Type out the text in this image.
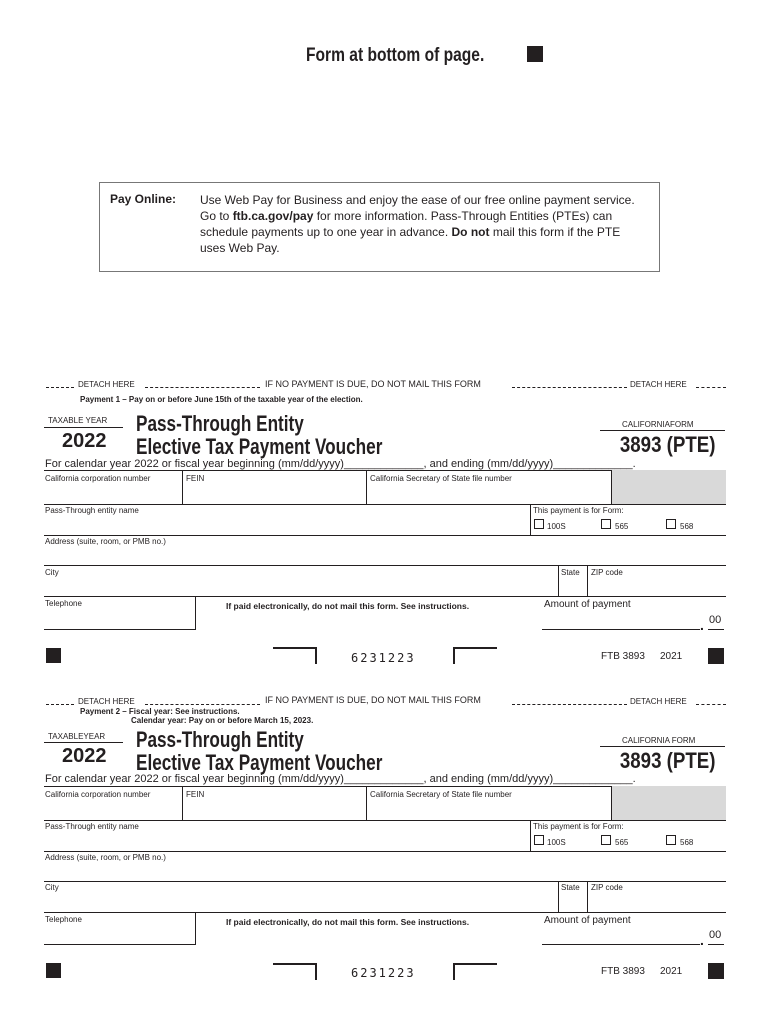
Form at bottom of page.
Pay Online: Use Web Pay for Business and enjoy the ease of our free online payment service.
Go to ftb.ca.gov/pay for more information. Pass-Through Entities (PTEs) can
schedule payments up to one year in advance. Do not mail this form if the PTE
uses Web Pay.
DETACH HERE	IF NO PAYMENT IS DUE, DO NOT MAIL THIS FORM	DETACH HERE
Payment 1 – Pay on or before June 15th of the taxable year of the election.
TAXABLE YEAR
2022
Pass-Through Entity
Elective Tax Payment Voucher
CALIFORNIAFORM
3893 (PTE)
For calendar year 2022 or fiscal year beginning (mm/dd/yyyy)_____________, and ending (mm/dd/yyyy)_____________.
California corporation number	FEIN	California Secretary of State file number
Pass-Through entity name	This payment is for Form:
100S	565	568
Address (suite, room, or PMB no.)
City	State ZIP code
Telephone	If paid electronically, do not mail this form. See instructions.	Amount of payment
. 00
6231223	FTB 3893 2021
DETACH HERE	IF NO PAYMENT IS DUE, DO NOT MAIL THIS FORM	DETACH HERE
Payment 2 – Fiscal year: See instructions.
Calendar year: Pay on or before March 15, 2023.
TAXABLEYEAR
2022
Pass-Through Entity
Elective Tax Payment Voucher
CALIFORNIA FORM
3893 (PTE)
For calendar year 2022 or fiscal year beginning (mm/dd/yyyy)_____________, and ending (mm/dd/yyyy)_____________.
California corporation number	FEIN	California Secretary of State file number
Pass-Through entity name	This payment is for Form:
100S	565	568
Address (suite, room, or PMB no.)
City	State ZIP code
Telephone	If paid electronically, do not mail this form. See instructions.	Amount of payment
. 00
6231223	FTB 3893 2021
